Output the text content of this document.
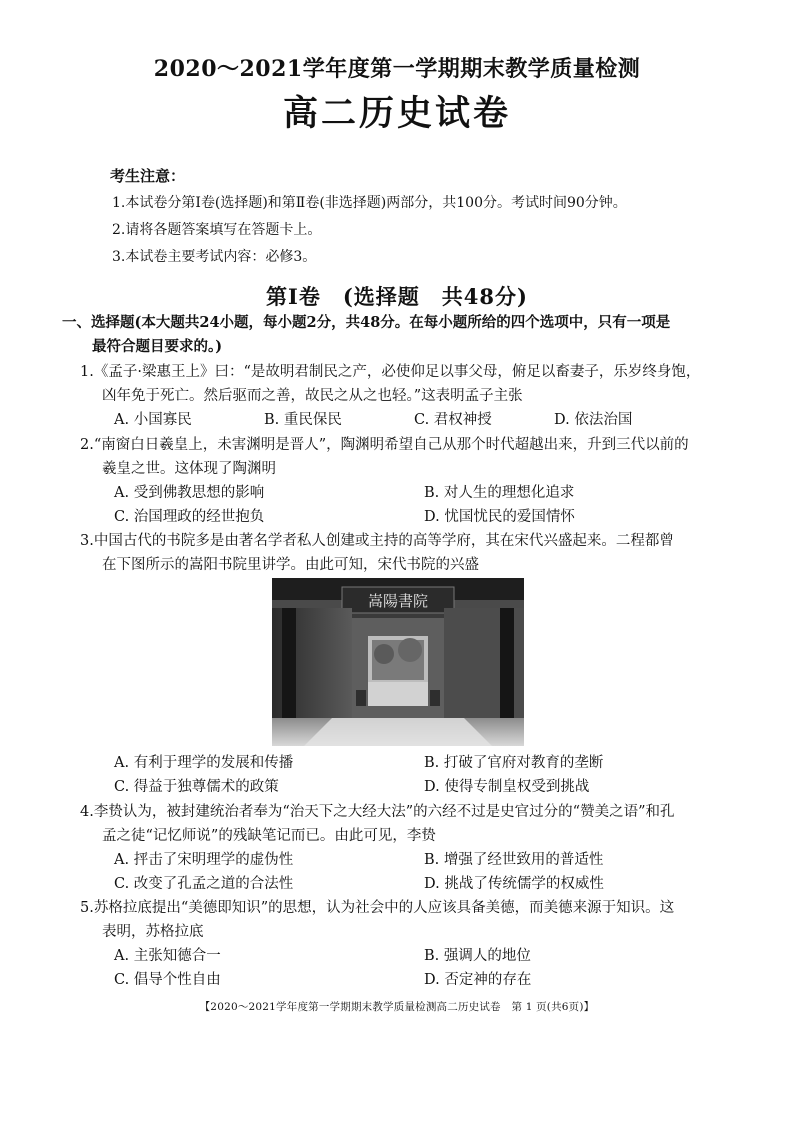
2020～2021学年度第一学期期末教学质量检测
高二历史试卷
考生注意：
1.本试卷分第Ⅰ卷(选择题)和第Ⅱ卷(非选择题)两部分，共100分。考试时间90分钟。
2.请将各题答案填写在答题卡上。
3.本试卷主要考试内容：必修3。
第Ⅰ卷　(选择题　共48分)
一、选择题(本大题共24小题，每小题2分，共48分。在每小题所给的四个选项中，只有一项是
最符合题目要求的。)
1.《孟子·梁惠王上》曰：“是故明君制民之产，必使仰足以事父母，俯足以畜妻子，乐岁终身饱，
凶年免于死亡。然后驱而之善，故民之从之也轻。”这表明孟子主张
A. 小国寡民	B. 重民保民	C. 君权神授	D. 依法治国
2.“南窗白日羲皇上，未害渊明是晋人”，陶渊明希望自己从那个时代超越出来，升到三代以前的
羲皇之世。这体现了陶渊明
A. 受到佛教思想的影响	B. 对人生的理想化追求
C. 治国理政的经世抱负	D. 忧国忧民的爱国情怀
3.中国古代的书院多是由著名学者私人创建或主持的高等学府，其在宋代兴盛起来。二程都曾
在下图所示的嵩阳书院里讲学。由此可知，宋代书院的兴盛
嵩陽書院
A. 有利于理学的发展和传播	B. 打破了官府对教育的垄断
C. 得益于独尊儒术的政策	D. 使得专制皇权受到挑战
4.李贽认为，被封建统治者奉为“治天下之大经大法”的六经不过是史官过分的“赞美之语”和孔
孟之徒“记忆师说”的残缺笔记而已。由此可见，李贽
A. 抨击了宋明理学的虚伪性	B. 增强了经世致用的普适性
C. 改变了孔孟之道的合法性	D. 挑战了传统儒学的权威性
5.苏格拉底提出“美德即知识”的思想，认为社会中的人应该具备美德，而美德来源于知识。这
表明，苏格拉底
A. 主张知德合一	B. 强调人的地位
C. 倡导个性自由	D. 否定神的存在
【2020～2021学年度第一学期期末教学质量检测高二历史试卷　第 1 页(共6页)】
